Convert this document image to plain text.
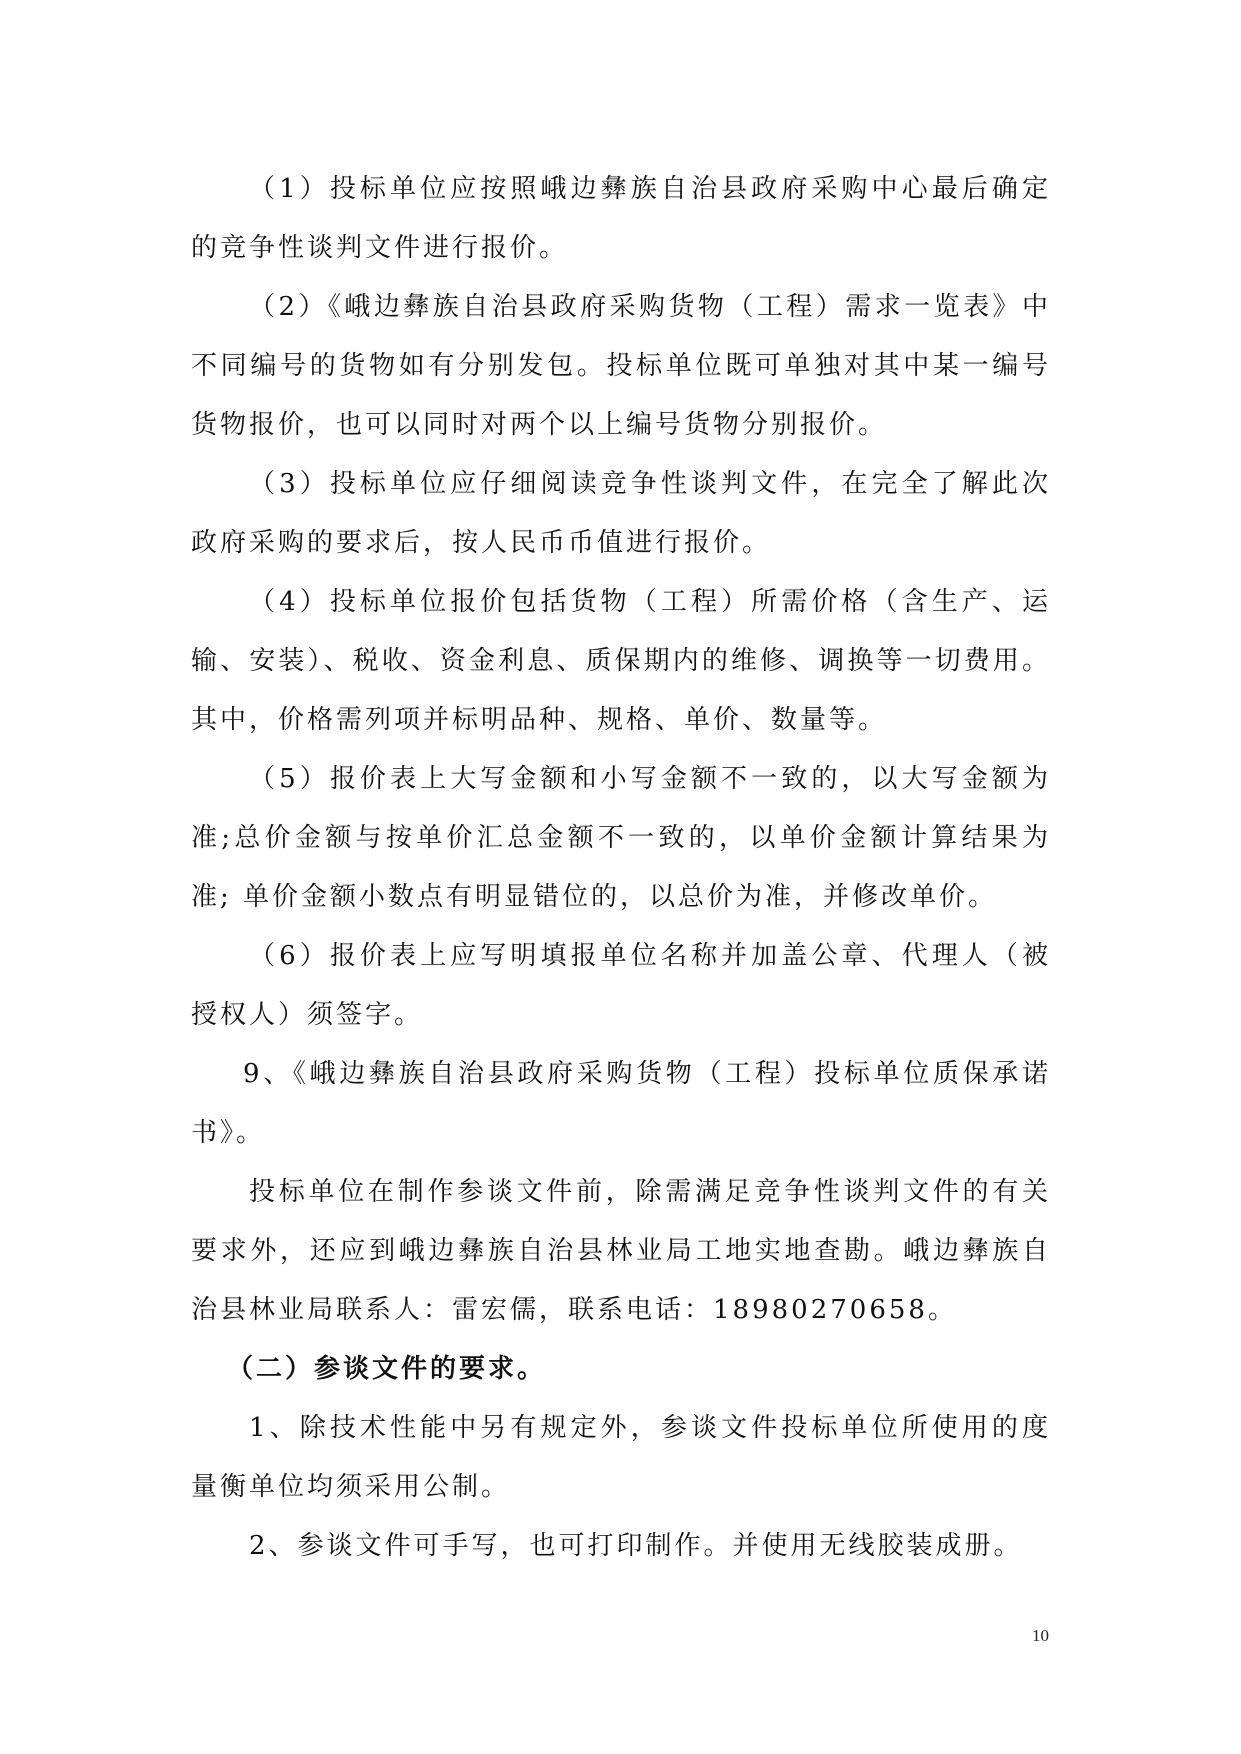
（1）投标单位应按照峨边彝族自治县政府采购中心最后确定的竞争性谈判文件进行报价。

（2）《峨边彝族自治县政府采购货物（工程）需求一览表》中不同编号的货物如有分别发包。投标单位既可单独对其中某一编号货物报价，也可以同时对两个以上编号货物分别报价。

（3）投标单位应仔细阅读竞争性谈判文件，在完全了解此次政府采购的要求后，按人民币币值进行报价。

（4）投标单位报价包括货物（工程）所需价格（含生产、运输、安装）、税收、资金利息、质保期内的维修、调换等一切费用。其中，价格需列项并标明品种、规格、单价、数量等。

（5）报价表上大写金额和小写金额不一致的，以大写金额为准;总价金额与按单价汇总金额不一致的，以单价金额计算结果为准; 单价金额小数点有明显错位的，以总价为准，并修改单价。

（6）报价表上应写明填报单位名称并加盖公章、代理人（被授权人）须签字。

9、《峨边彝族自治县政府采购货物（工程）投标单位质保承诺书》。

投标单位在制作参谈文件前，除需满足竞争性谈判文件的有关要求外，还应到峨边彝族自治县林业局工地实地查勘。峨边彝族自治县林业局联系人：雷宏儒，联系电话：18980270658。

（二）参谈文件的要求。

1、除技术性能中另有规定外，参谈文件投标单位所使用的度量衡单位均须采用公制。

2、参谈文件可手写，也可打印制作。并使用无线胶装成册。

10
